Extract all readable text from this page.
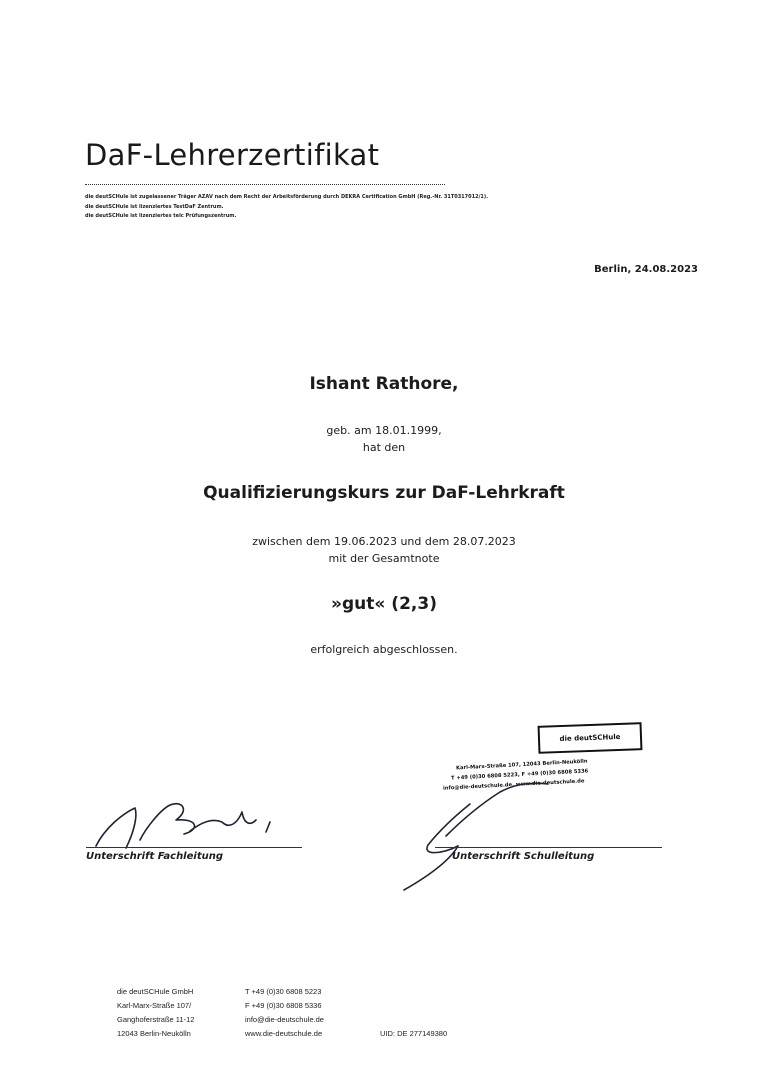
DaF-Lehrerzertifikat
die deutSCHule ist zugelassener Träger AZAV nach dem Recht der Arbeitsförderung durch DEKRA Certification GmbH (Reg.-Nr. 31T0317012/1).
die deutSCHule ist lizenziertes TestDaF Zentrum.
die deutSCHule ist lizenziertes telc Prüfungszentrum.
Berlin, 24.08.2023
Ishant Rathore,
geb. am 18.01.1999,
hat den
Qualifizierungskurs zur DaF-Lehrkraft
zwischen dem 19.06.2023 und dem 28.07.2023
mit der Gesamtnote
»gut« (2,3)
erfolgreich abgeschlossen.
die deutSCHule
Karl-Marx-Straße 107, 12043 Berlin-Neukölln
T +49 (0)30 6808 5223, F +49 (0)30 6808 5336
info@die-deutschule.de, www.die-deutschule.de
Unterschrift Fachleitung	Unterschrift Schulleitung
die deutSCHule GmbH
Karl-Marx-Straße 107/
Ganghoferstraße 11-12
12043 Berlin-Neukölln
T +49 (0)30 6808 5223
F +49 (0)30 6808 5336
info@die-deutschule.de
www.die-deutschule.de	UID: DE 277149380
